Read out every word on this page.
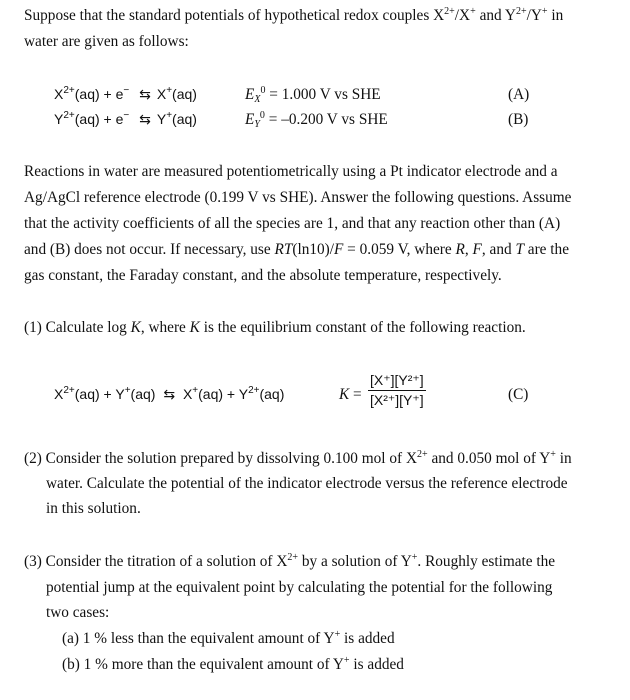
Suppose that the standard potentials of hypothetical redox couples $X^{2+}/X^+$ and $Y^{2+}/Y^+$ in
water are given as follows:
$X^{2+}(aq) + e^-$ ⇆ X+(aq)	$E_X^0 = 1.000$ V vs SHE	(A)
$Y^{2+}(aq) + e^-$ ⇆ Y+(aq)	$E_Y^0 = -0.200$ V vs SHE	(B)
Reactions in water are measured potentiometrically using a Pt indicator electrode and a
Ag/AgCl reference electrode (0.199 V vs SHE). Answer the following questions. Assume
that the activity coefficients of all the species are 1, and that any reaction other than (A)
and (B) does not occur. If necessary, use RT(ln10)/F = 0.059 V, where R, F, and T are the
gas constant, the Faraday constant, and the absolute temperature, respectively.
(1) Calculate log K, where K is the equilibrium constant of the following reaction.
$X^{2+}(aq) + Y^+(aq)$ ⇆ $X^+(aq) + Y^{2+}(aq)$	$K = \frac{\text{[X⁺][Y²⁺]}}{\text{[X²⁺][Y⁺]}}$	(C)
(2) Consider the solution prepared by dissolving 0.100 mol of $X^{2+}$ and 0.050 mol of Y+ in
water. Calculate the potential of the indicator electrode versus the reference electrode
in this solution.
(3) Consider the titration of a solution of $X^{2+}$ by a solution of Y+. Roughly estimate the
potential jump at the equivalent point by calculating the potential for the following
two cases:
(a) 1 % less than the equivalent amount of Y+ is added
(b) 1 % more than the equivalent amount of Y+ is added
